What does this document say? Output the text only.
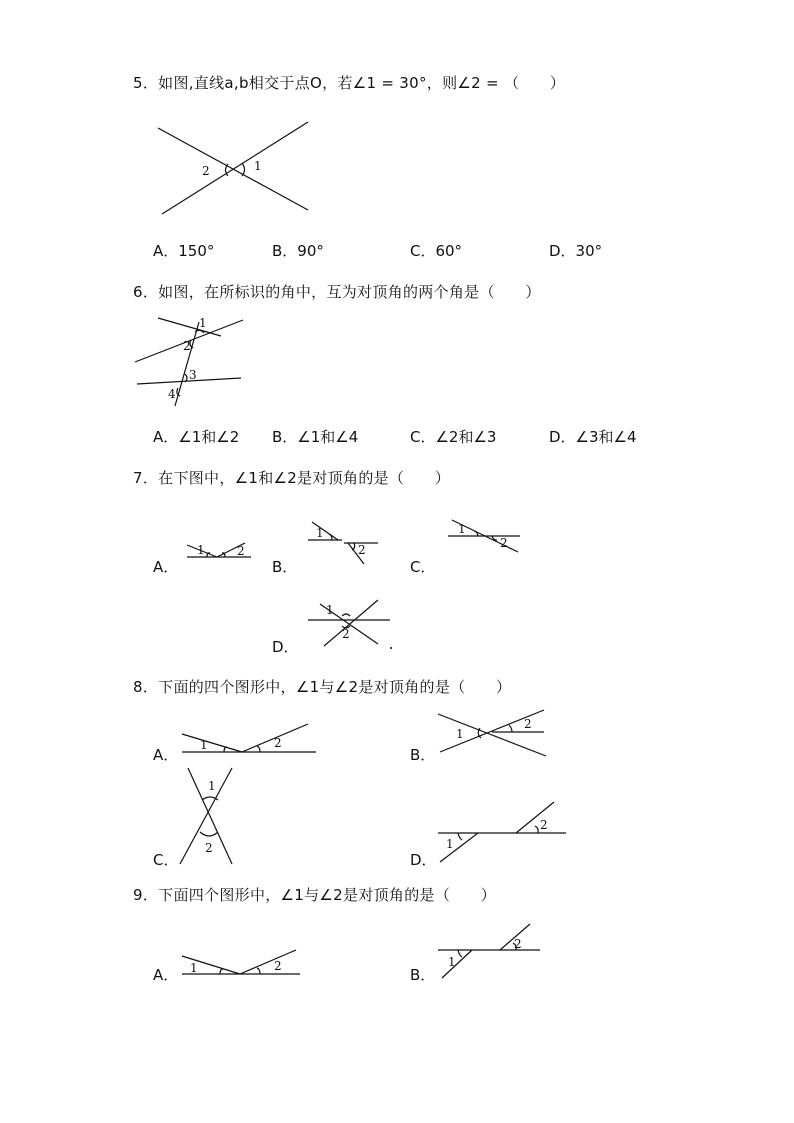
5．如图,直线a,b相交于点O，若∠1 = 30°，则∠2 = （　　）
2	1
A．150°	B．90°	C．60°	D．30°
6．如图，在所标识的角中，互为对顶角的两个角是（　　）
1
2
3
4
A．∠1和∠2 B．∠1和∠4	C．∠2和∠3	D．∠3和∠4
7．在下图中，∠1和∠2是对顶角的是（　　）
A．
1	2
B．
1
2
C．
1
2
D．
1
2
8．下面的四个图形中，∠1与∠2是对顶角的是（　　）
A．
1	2
B．
1
2
C．
1
2
D．
1
2
9．下面四个图形中，∠1与∠2是对顶角的是（　　）
A． 1	2	B．
1
2
